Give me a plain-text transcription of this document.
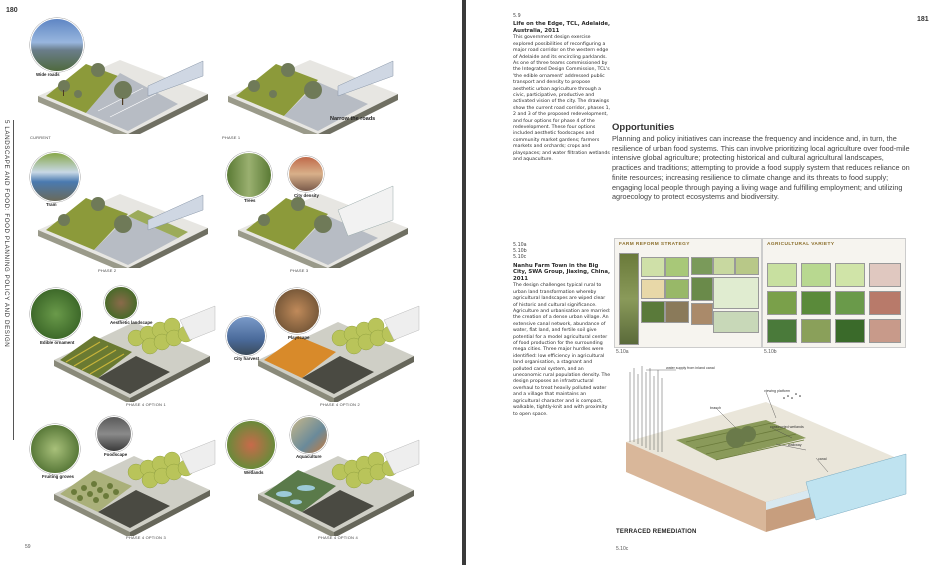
180
5 LANDSCAPE AND FOOD: FOOD PLANNING POLICY AND DESIGN
59
Wide roads
CURRENT
Narrow the roads
PHASE 1
Tram
PHASE 2
Trees
City density
PHASE 3
Edible ornament
Aesthetic landscape
PHASE 4 OPTION 1
City harvest
Playscape
PHASE 4 OPTION 2
Fruiting groves
Foodscape
PHASE 4 OPTION 3
Wetlands
Aquaculture
PHASE 4 OPTION 4
181
5.9
Life on the Edge, TCL, Adelaide, Australia, 2011
This government design exercise explored possibilities of reconfiguring a major road corridor on the western edge of Adelaide and its encircling parklands. As one of three teams commissioned by the Integrated Design Commission, TCL's 'the edible ornament' addressed public transport and density to propose aesthetic urban agriculture through a civic, participative, productive and activated vision of the city. The drawings show the current road corridor, phases 1, 2 and 3 of the proposed redevelopment, and four options for phase 4 of the redevelopment. These four options included aesthetic foodscapes and community market gardens; farmers markets and orchards; crops and playspaces; and water filtration wetlands and aquaculture.
5.10a
5.10b
5.10c
Nanhu Farm Town in the Big City, SWA Group, Jiaxing, China, 2011
The design challenges typical rural to urban land transformation whereby agricultural landscapes are wiped clear of historic and cultural significance. Agriculture and urbanisation are married: the creation of a dense urban village. An extensive canal network, abundance of water, flat land, and fertile soil give potential for a model agricultural center of food production for the surrounding mega cities. Three major hurdles were identified: low efficiency in agricultural land organisation, a stagnant and polluted canal system, and an uneconomic rural population density. The design proposes an infrastructural overhaul to treat heavily polluted water and a village that maintains an agricultural character and is compact, walkable, tightly-knit and with proximity to open space.
Opportunities

Planning and policy initiatives can increase the frequency and incidence and, in turn, the resilience of urban food systems. This can involve prioritizing local agriculture over food-mile intensive global agriculture; protecting historical and cultural agricultural landscapes, practices and traditions; attempting to provide a food supply system that reduces reliance on finite resources; increasing resilience to climate change and its threats to food supply; engaging local people through paying a living wage and fulfilling employment; and utilizing agroecology to protect ecosystems and biodiversity.

FARM REFORM STRATEGY
5.10a
AGRICULTURAL VARIETY
5.10b
water supply from inland canal
branch
viewing platform
constructed wetlands
walkway
canal
TERRACED REMEDIATION
5.10c
